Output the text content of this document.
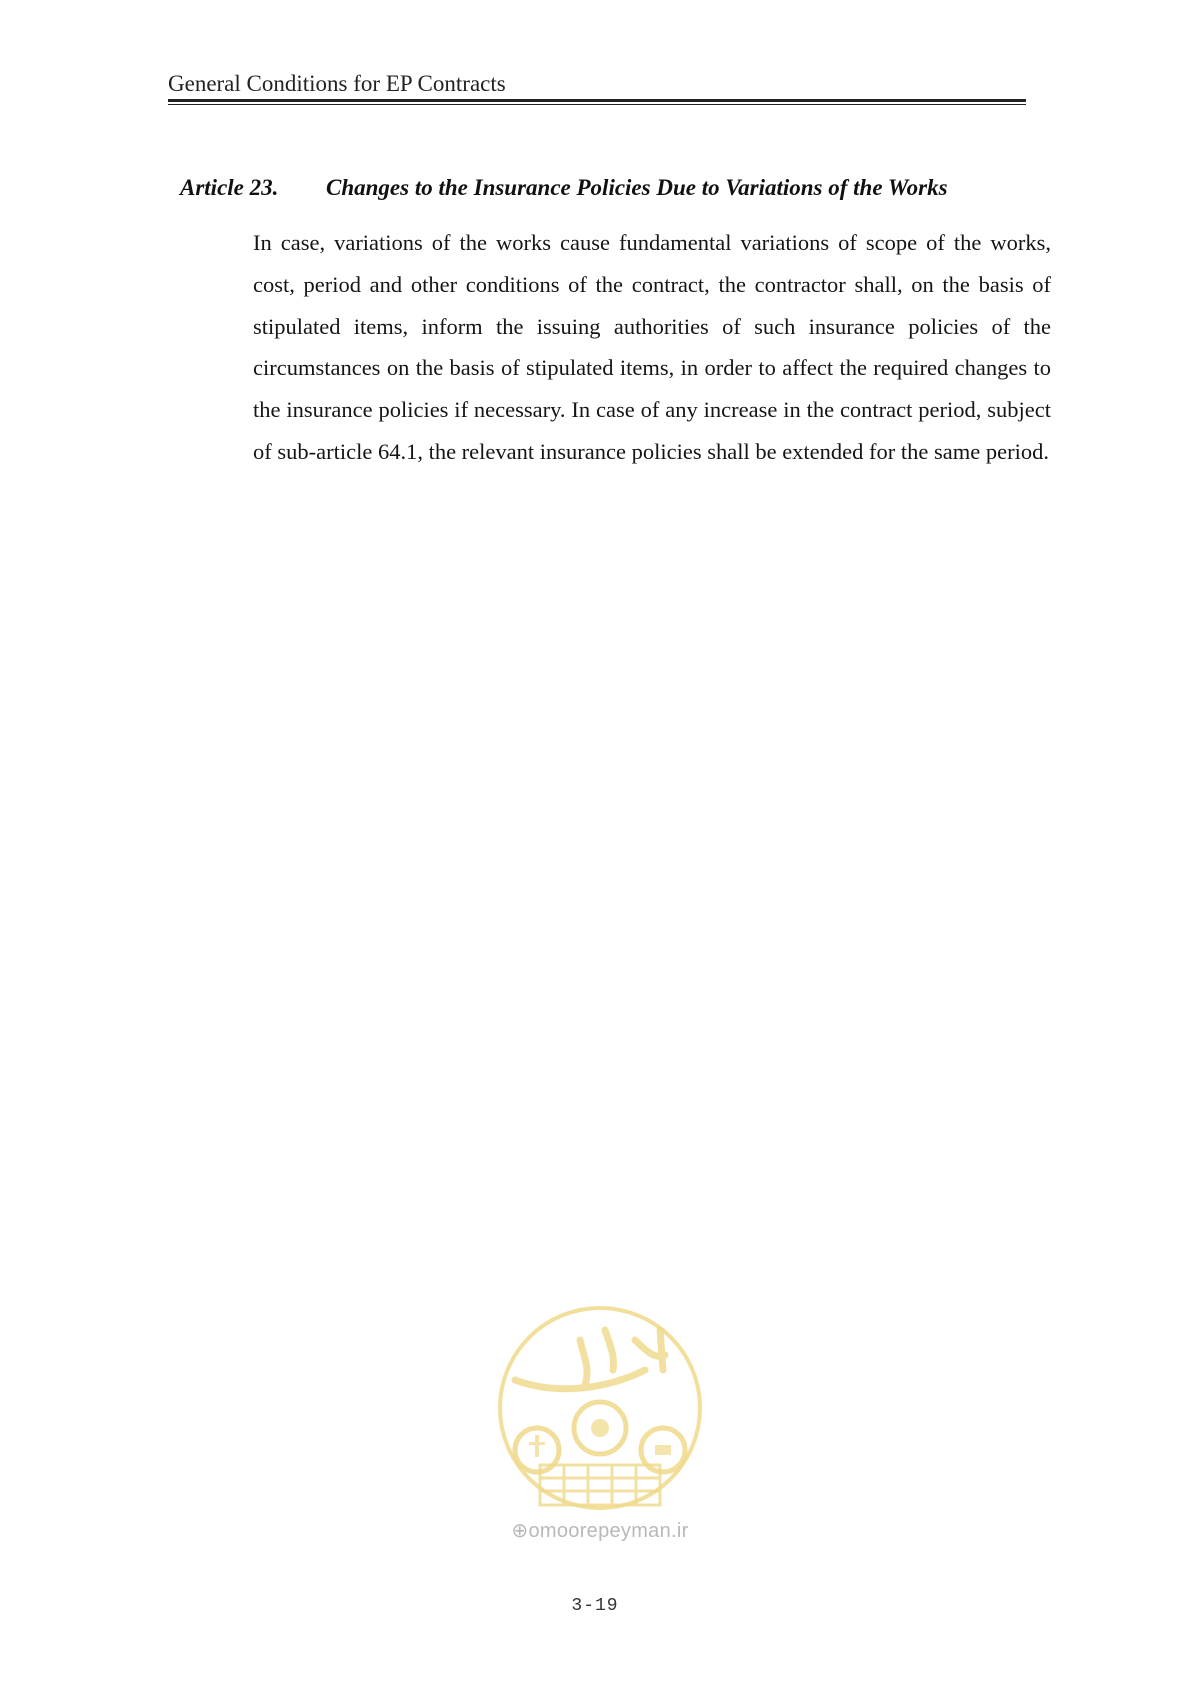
General Conditions for EP Contracts
Article 23. Changes to the Insurance Policies Due to Variations of the Works
In case, variations of the works cause fundamental variations of scope of the works, cost, period and other conditions of the contract, the contractor shall, on the basis of stipulated items, inform the issuing authorities of such insurance policies of the circumstances on the basis of stipulated items, in order to affect the required changes to the insurance policies if necessary. In case of any increase in the contract period, subject of sub-article 64.1, the relevant insurance policies shall be extended for the same period.
⊕omoorepeyman.ir
3-19
